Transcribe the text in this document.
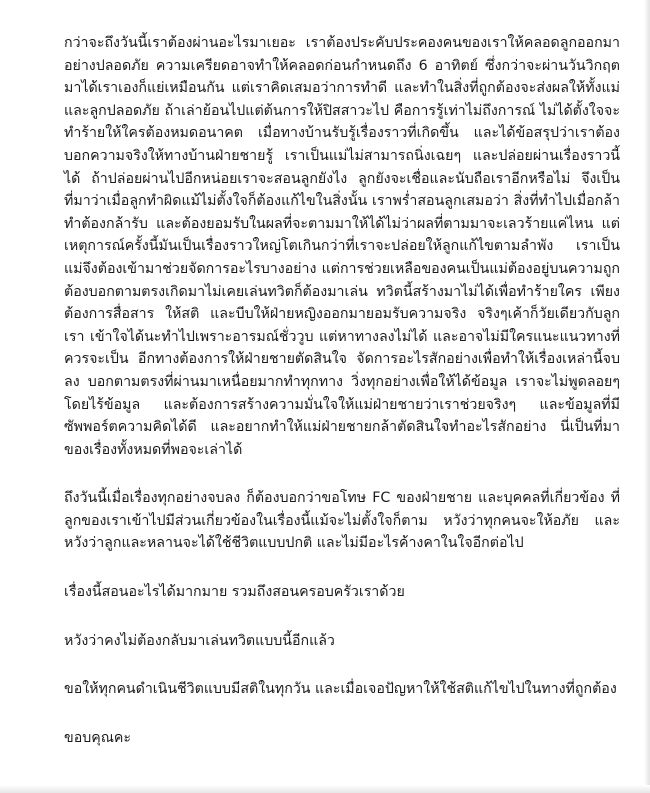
กว่าจะถึงวันนี้เราต้องผ่านอะไรมาเยอะ เราต้องประคับประคองคนของเราให้คลอดลูกออกมาอย่างปลอดภัย ความเครียดอาจทำให้คลอดก่อนกำหนดถึง 6 อาทิตย์ ซึ่งกว่าจะผ่านวันวิกฤตมาได้เราเองก็แย่เหมือนกัน แต่เราคิดเสมอว่าการทำดี และทำในสิ่งที่ถูกต้องจะส่งผลให้ทั้งแม่และลูกปลอดภัย ถ้าเล่าย้อนไปแต่ต้นการให้ปิสสาวะไป คือการรู้เท่าไม่ถึงการณ์ ไม่ได้ตั้งใจจะทำร้ายให้ใครต้องหมดอนาคต เมื่อทางบ้านรับรู้เรื่องราวที่เกิดขึ้น และได้ข้อสรุปว่าเราต้องบอกความจริงให้ทางบ้านฝ่ายชายรู้ เราเป็นแม่ไม่สามารถนิ่งเฉยๆ และปล่อยผ่านเรื่องราวนี้ได้ ถ้าปล่อยผ่านไปอีกหน่อยเราจะสอนลูกยังไง ลูกยังจะเชื่อและนับถือเราอีกหรือไม่ จึงเป็นที่มาว่าเมื่อลูกทำผิดแม้ไม่ตั้งใจก็ต้องแก้ไขในสิ่งนั้น เราพร่ำสอนลูกเสมอว่า สิ่งที่ทำไปเมื่อกล้าทำต้องกล้ารับ และต้องยอมรับในผลที่จะตามมาให้ได้ไม่ว่าผลที่ตามมาจะเลวร้ายแค่ไหน แต่เหตุการณ์ครั้งนี้มันเป็นเรื่องราวใหญ่โตเกินกว่าที่เราจะปล่อยให้ลูกแก้ไขตามลำพัง เราเป็นแม่จึงต้องเข้ามาช่วยจัดการอะไรบางอย่าง แต่การช่วยเหลือของคนเป็นแม่ต้องอยู่บนความถูกต้องบอกตามตรงเกิดมาไม่เคยเล่นทวิตก็ต้องมาเล่น ทวิตนี้สร้างมาไม่ได้เพื่อทำร้ายใคร เพียงต้องการสื่อสาร ให้สติ และบีบให้ฝ่ายหญิงออกมายอมรับความจริง จริงๆเค้าก็วัยเดียวกับลูกเรา เข้าใจได้นะทำไปเพราะอารมณ์ชั่ววูบ แต่หาทางลงไม่ได้ และอาจไม่มีใครแนะแนวทางที่ควรจะเป็น อีกทางต้องการให้ฝ่ายชายตัดสินใจ จัดการอะไรสักอย่างเพื่อทำให้เรื่องเหล่านี้จบลง บอกตามตรงที่ผ่านมาเหนื่อยมากทำทุกทาง วิ่งทุกอย่างเพื่อให้ได้ข้อมูล เราจะไม่พูดลอยๆโดยไร้ข้อมูล และต้องการสร้างความมั่นใจให้แม่ฝ่ายชายว่าเราช่วยจริงๆ และข้อมูลที่มีซัพพอร์ตความคิดได้ดี และอยากทำให้แม่ฝ่ายชายกล้าตัดสินใจทำอะไรสักอย่าง นี่เป็นที่มาของเรื่องทั้งหมดที่พอจะเล่าได้

ถึงวันนี้เมื่อเรื่องทุกอย่างจบลง ก็ต้องบอกว่าขอโทษ FC ของฝ่ายชาย และบุคคลที่เกี่ยวข้อง ที่ลูกของเราเข้าไปมีส่วนเกี่ยวข้องในเรื่องนี้แม้จะไม่ตั้งใจก็ตาม หวังว่าทุกคนจะให้อภัย และหวังว่าลูกและหลานจะได้ใช้ชีวิตแบบปกติ และไม่มีอะไรค้างคาในใจอีกต่อไป

เรื่องนี้สอนอะไรได้มากมาย รวมถึงสอนครอบครัวเราด้วย

หวังว่าคงไม่ต้องกลับมาเล่นทวิตแบบนี้อีกแล้ว

ขอให้ทุกคนดำเนินชีวิตแบบมีสติในทุกวัน และเมื่อเจอปัญหาให้ใช้สติแก้ไขไปในทางที่ถูกต้อง

ขอบคุณคะ
